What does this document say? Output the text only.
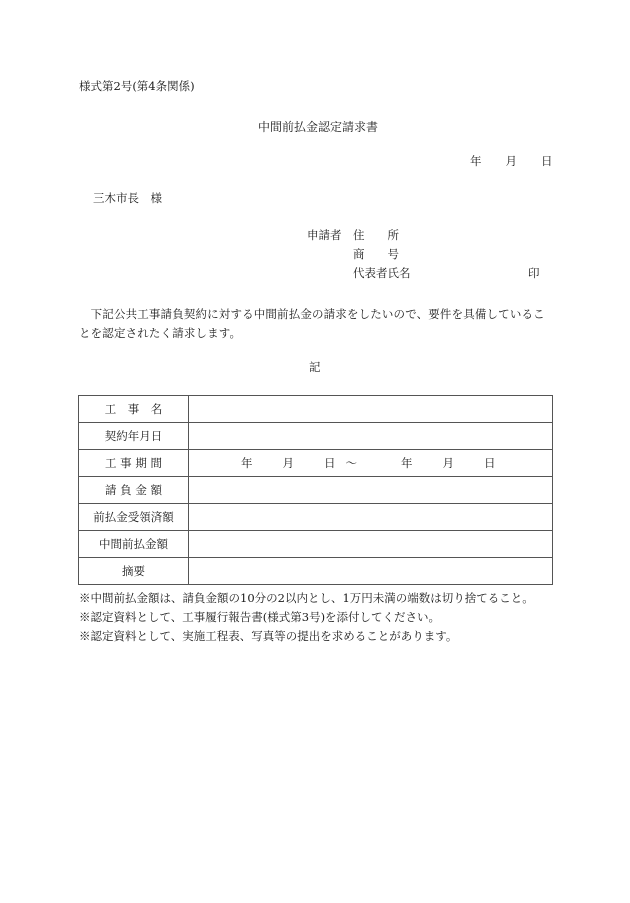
様式第2号(第4条関係)
中間前払金認定請求書
年 月 日
三木市長　様
申請者 住　　所
商　　号
代表者氏名	印
　下記公共工事請負契約に対する中間前払金の請求をしたいので、要件を具備していることを認定されたく請求します。
記
工　事　名	
契約年月日	
工 事 期 間	年	月	日 ～	年	月	日

請 負 金 額	
前払金受領済額	
中間前払金額	
摘要	
※中間前払金額は、請負金額の10分の2以内とし、1万円未満の端数は切り捨てること。
※認定資料として、工事履行報告書(様式第3号)を添付してください。
※認定資料として、実施工程表、写真等の提出を求めることがあります。
